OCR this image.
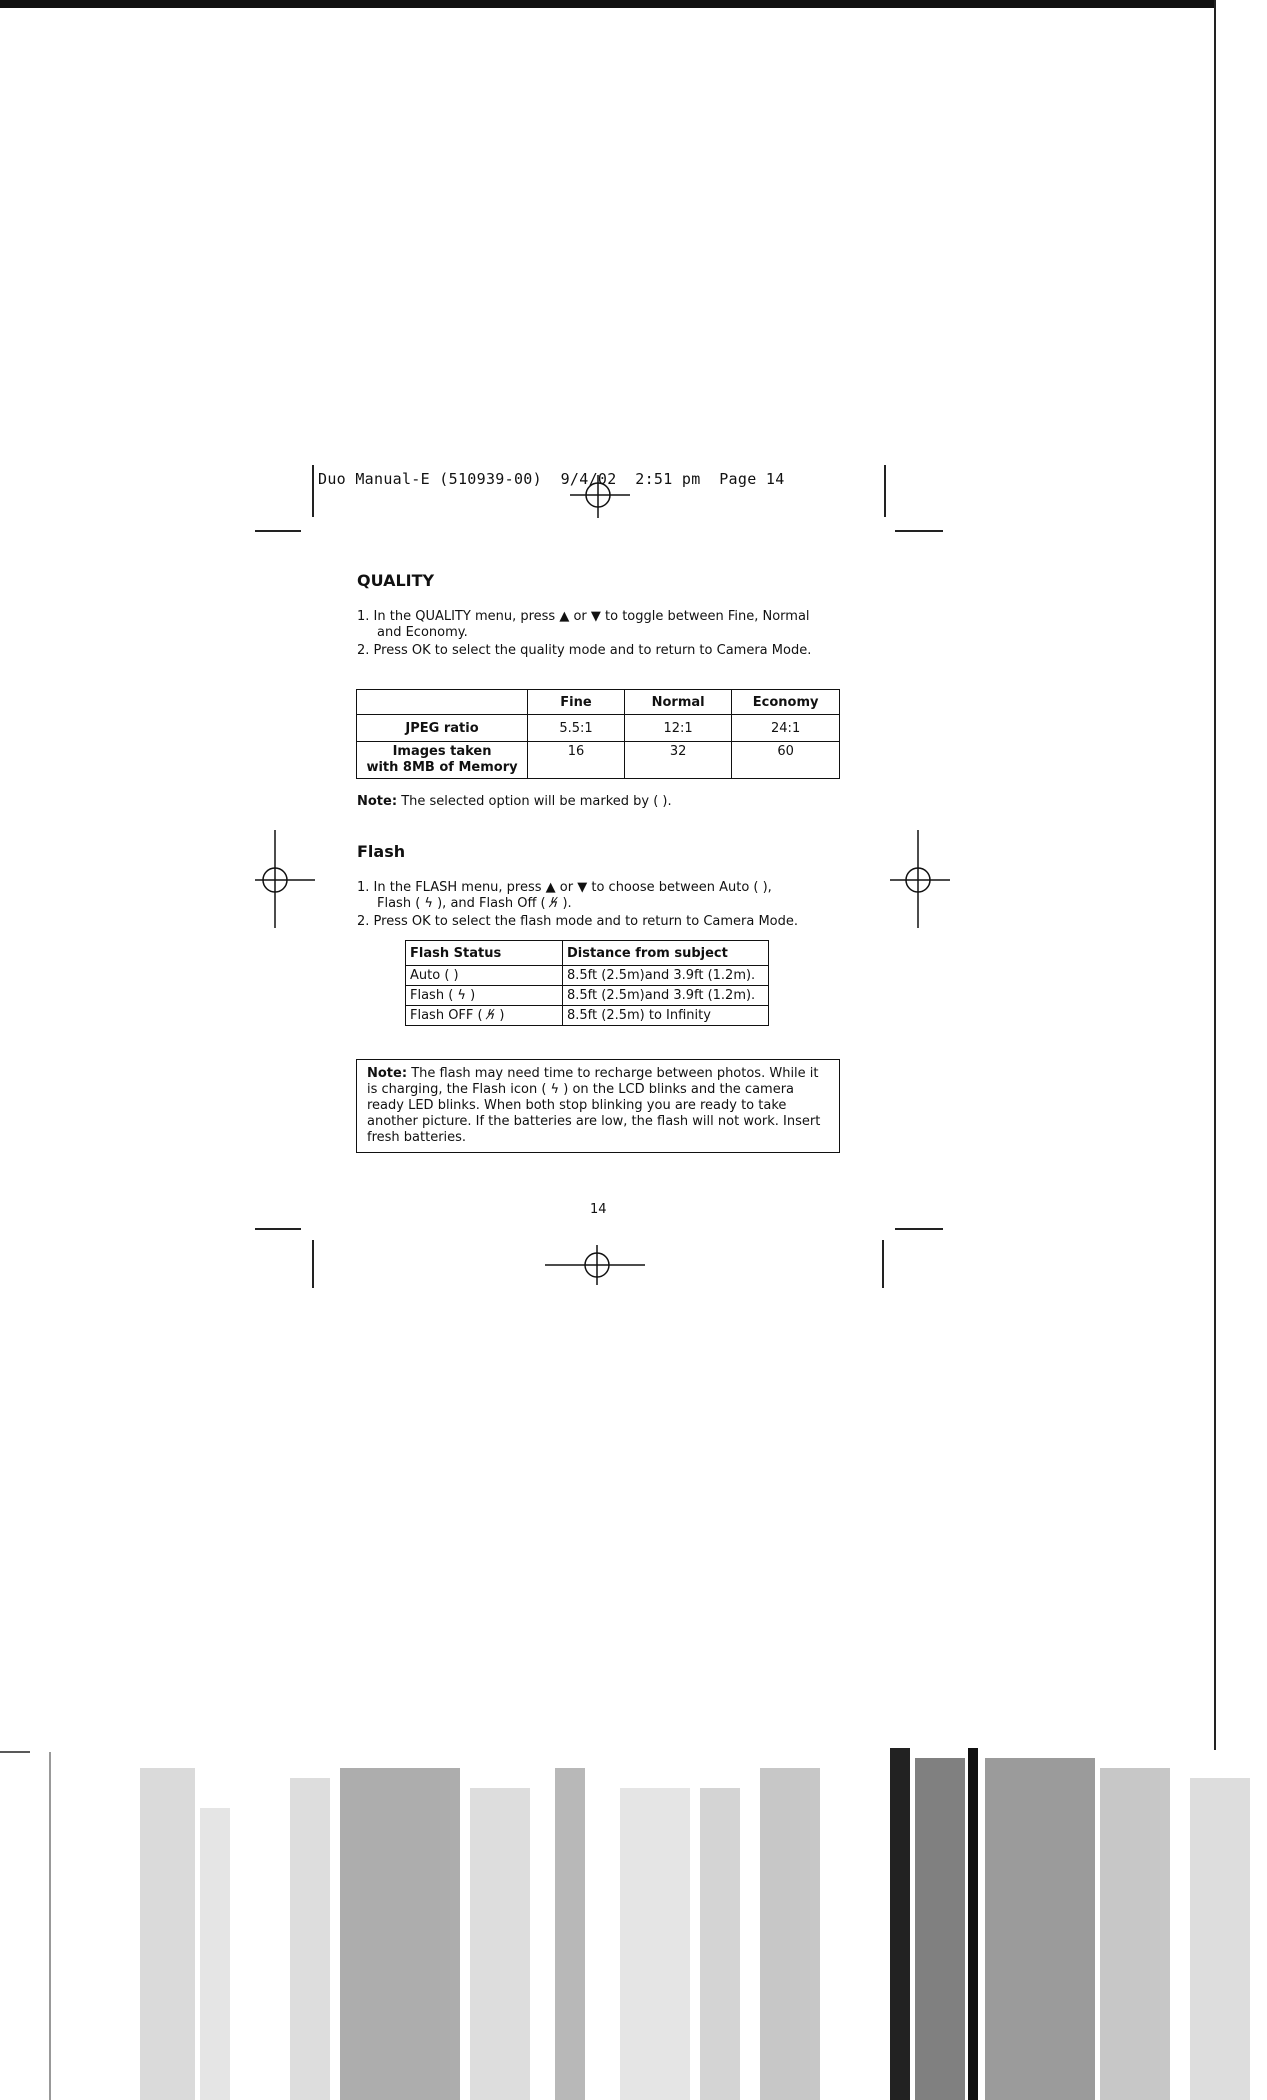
Duo Manual-E (510939-00)  9/4/02  2:51 pm  Page 14
QUALITY
1. In the QUALITY menu, press ▲ or ▼ to toggle between Fine, Normal
and Economy.
2. Press OK to select the quality mode and to return to Camera Mode.
	Fine	Normal	Economy
JPEG ratio	5.5:1	12:1	24:1
Images taken
with 8MB of Memory	16	32	60
Note: The selected option will be marked by ( ).
Flash
1. In the FLASH menu, press ▲ or ▼ to choose between Auto ( ),
Flash ( ϟ ), and Flash Off ( ϟ̸ ).
2. Press OK to select the flash mode and to return to Camera Mode.
Flash Status	Distance from subject
Auto ( )	8.5ft (2.5m)and 3.9ft (1.2m).
Flash ( ϟ )	8.5ft (2.5m)and 3.9ft (1.2m).
Flash OFF ( ϟ̸ )	8.5ft (2.5m) to Infinity
Note: The flash may need time to recharge between photos. While it is charging, the Flash icon ( ϟ ) on the LCD blinks and the camera ready LED blinks. When both stop blinking you are ready to take another picture. If the batteries are low, the flash will not work. Insert fresh batteries.
14
